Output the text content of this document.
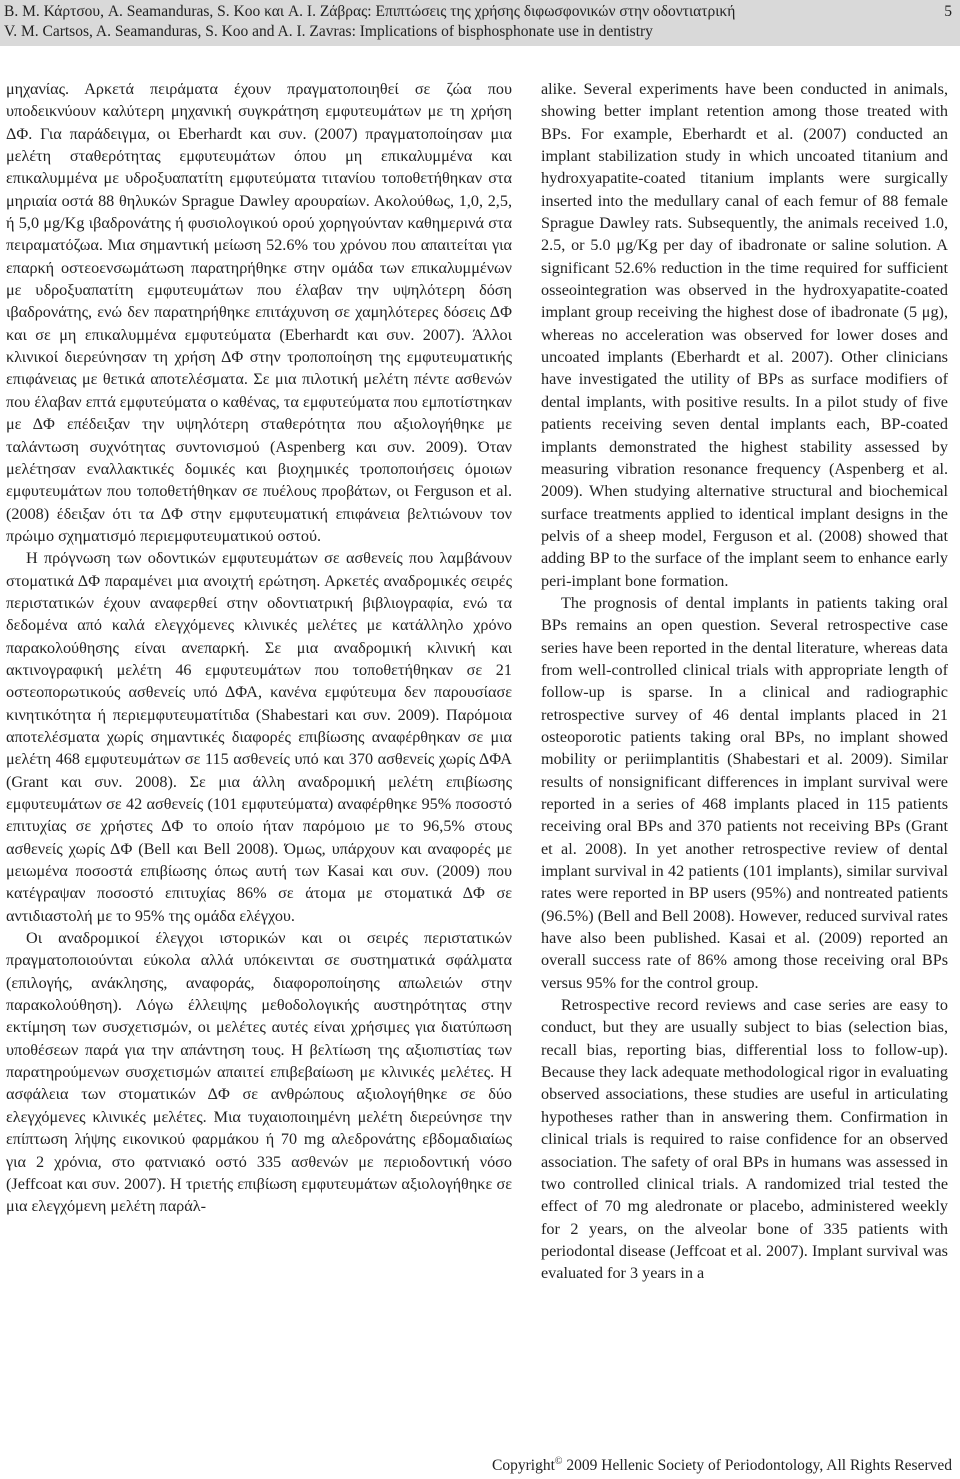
B. M. Κάρτσου, A. Seamanduras, S. Koo και A. I. Ζάβρας: Επιπτώσεις της χρήσης διφωσφονικών στην οδοντιατρική
V. M. Cartsos, A. Seamanduras, S. Koo and A. I. Zavras: Implications of bisphosphonate use in dentistry
5

μηχανίας. Αρκετά πειράματα έχουν πραγματοποιηθεί σε ζώα που υποδεικνύουν καλύτερη μηχανική συγκράτηση εμφυτευμάτων με τη χρήση ΔΦ. Για παράδειγμα, οι Eberhardt και συν. (2007) πραγματοποίησαν μια μελέτη σταθερότητας εμφυτευμάτων όπου μη επικαλυμμένα και επικαλυμμένα με υδροξυαπατίτη εμφυτεύματα τιτανίου τοποθετήθηκαν στα μηριαία οστά 88 θηλυκών Sprague Dawley αρουραίων. Ακολούθως, 1,0, 2,5, ή 5,0 μg/Kg ιβαδρονάτης ή φυσιολογικού ορού χορηγούνταν καθημερινά στα πειραματόζωα. Μια σημαντική μείωση 52.6% του χρόνου που απαιτείται για επαρκή οστεοενσωμάτωση παρατηρήθηκε στην ομάδα των επικαλυμμένων με υδροξυαπατίτη εμφυτευμάτων που έλαβαν την υψηλότερη δόση ιβαδρονάτης, ενώ δεν παρατηρήθηκε επιτάχυνση σε χαμηλότερες δόσεις ΔΦ και σε μη επικαλυμμένα εμφυτεύματα (Eberhardt και συν. 2007). Άλλοι κλινικοί διερεύνησαν τη χρήση ΔΦ στην τροποποίηση της εμφυτευματικής επιφάνειας με θετικά αποτελέσματα. Σε μια πιλοτική μελέτη πέντε ασθενών που έλαβαν επτά εμφυτεύματα ο καθένας, τα εμφυτεύματα που εμποτίστηκαν με ΔΦ επέδειξαν την υψηλότερη σταθερότητα που αξιολογήθηκε με ταλάντωση συχνότητας συντονισμού (Aspenberg και συν. 2009). Όταν μελέτησαν εναλλακτικές δομικές και βιοχημικές τροποποιήσεις όμοιων εμφυτευμάτων που τοποθετήθηκαν σε πυέλους προβάτων, οι Ferguson et al. (2008) έδειξαν ότι τα ΔΦ στην εμφυτευματική επιφάνεια βελτιώνουν τον πρώιμο σχηματισμό περιεμφυτευματικού οστού.

Η πρόγνωση των οδοντικών εμφυτευμάτων σε ασθενείς που λαμβάνουν στοματικά ΔΦ παραμένει μια ανοιχτή ερώτηση. Αρκετές αναδρομικές σειρές περιστατικών έχουν αναφερθεί στην οδοντιατρική βιβλιογραφία, ενώ τα δεδομένα από καλά ελεγχόμενες κλινικές μελέτες με κατάλληλο χρόνο παρακολούθησης είναι ανεπαρκή. Σε μια αναδρομική κλινική και ακτινογραφική μελέτη 46 εμφυτευμάτων που τοποθετήθηκαν σε 21 οστεοπορωτικούς ασθενείς υπό ΔΦΑ, κανένα εμφύτευμα δεν παρουσίασε κινητικότητα ή περιεμφυτευματίτιδα (Shabestari και συν. 2009). Παρόμοια αποτελέσματα χωρίς σημαντικές διαφορές επιβίωσης αναφέρθηκαν σε μια μελέτη 468 εμφυτευμάτων σε 115 ασθενείς υπό και 370 ασθενείς χωρίς ΔΦΑ (Grant και συν. 2008). Σε μια άλλη αναδρομική μελέτη επιβίωσης εμφυτευμάτων σε 42 ασθενείς (101 εμφυτεύματα) αναφέρθηκε 95% ποσοστό επιτυχίας σε χρήστες ΔΦ το οποίο ήταν παρόμοιο με το 96,5% στους ασθενείς χωρίς ΔΦ (Bell και Bell 2008). Όμως, υπάρχουν και αναφορές με μειωμένα ποσοστά επιβίωσης όπως αυτή των Kasai και συν. (2009) που κατέγραψαν ποσοστό επιτυχίας 86% σε άτομα με στοματικά ΔΦ σε αντιδιαστολή με το 95% της ομάδα ελέγχου.

Οι αναδρομικοί έλεγχοι ιστορικών και οι σειρές περιστατικών πραγματοποιούνται εύκολα αλλά υπόκεινται σε συστηματικά σφάλματα (επιλογής, ανάκλησης, αναφοράς, διαφοροποίησης απωλειών στην παρακολούθηση). Λόγω έλλειψης μεθοδολογικής αυστηρότητας στην εκτίμηση των συσχετισμών, οι μελέτες αυτές είναι χρήσιμες για διατύπωση υποθέσεων παρά για την απάντηση τους. Η βελτίωση της αξιοπιστίας των παρατηρούμενων συσχετισμών απαιτεί επιβεβαίωση με κλινικές μελέτες. Η ασφάλεια των στοματικών ΔΦ σε ανθρώπους αξιολογήθηκε σε δύο ελεγχόμενες κλινικές μελέτες. Μια τυχαιοποιημένη μελέτη διερεύνησε την επίπτωση λήψης εικονικού φαρμάκου ή 70 mg αλεδρονάτης εβδομαδιαίως για 2 χρόνια, στο φατνιακό οστό 335 ασθενών με περιοδοντική νόσο (Jeffcoat και συν. 2007). Η τριετής επιβίωση εμφυτευμάτων αξιολογήθηκε σε μια ελεγχόμενη μελέτη παράλ-

alike. Several experiments have been conducted in animals, showing better implant retention among those treated with BPs. For example, Eberhardt et al. (2007) conducted an implant stabilization study in which uncoated titanium and hydroxyapatite-coated titanium implants were surgically inserted into the medullary canal of each femur of 88 female Sprague Dawley rats. Subsequently, the animals received 1.0, 2.5, or 5.0 μg/Kg per day of ibadronate or saline solution. A significant 52.6% reduction in the time required for sufficient osseointegration was observed in the hydroxyapatite-coated implant group receiving the highest dose of ibadronate (5 μg), whereas no acceleration was observed for lower doses and uncoated implants (Eberhardt et al. 2007). Other clinicians have investigated the utility of BPs as surface modifiers of dental implants, with positive results. In a pilot study of five patients receiving seven dental implants each, BP-coated implants demonstrated the highest stability assessed by measuring vibration resonance frequency (Aspenberg et al. 2009). When studying alternative structural and biochemical surface treatments applied to identical implant designs in the pelvis of a sheep model, Ferguson et al. (2008) showed that adding BP to the surface of the implant seem to enhance early peri-implant bone formation.

The prognosis of dental implants in patients taking oral BPs remains an open question. Several retrospective case series have been reported in the dental literature, whereas data from well-controlled clinical trials with appropriate length of follow-up is sparse. In a clinical and radiographic retrospective survey of 46 dental implants placed in 21 osteoporotic patients taking oral BPs, no implant showed mobility or periimplantitis (Shabestari et al. 2009). Similar results of nonsignificant differences in implant survival were reported in a series of 468 implants placed in 115 patients receiving oral BPs and 370 patients not receiving BPs (Grant et al. 2008). In yet another retrospective review of dental implant survival in 42 patients (101 implants), similar survival rates were reported in BP users (95%) and nontreated patients (96.5%) (Bell and Bell 2008). However, reduced survival rates have also been published. Kasai et al. (2009) reported an overall success rate of 86% among those receiving oral BPs versus 95% for the control group.

Retrospective record reviews and case series are easy to conduct, but they are usually subject to bias (selection bias, recall bias, reporting bias, differential loss to follow-up). Because they lack adequate methodological rigor in evaluating observed associations, these studies are useful in articulating hypotheses rather than in answering them. Confirmation in clinical trials is required to raise confidence for an observed association. The safety of oral BPs in humans was assessed in two controlled clinical trials. A randomized trial tested the effect of 70 mg aledronate or placebo, administered weekly for 2 years, on the alveolar bone of 335 patients with periodontal disease (Jeffcoat et al. 2007). Implant survival was evaluated for 3 years in a

Copyright© 2009 Hellenic Society of Periodontology, All Rights Reserved
